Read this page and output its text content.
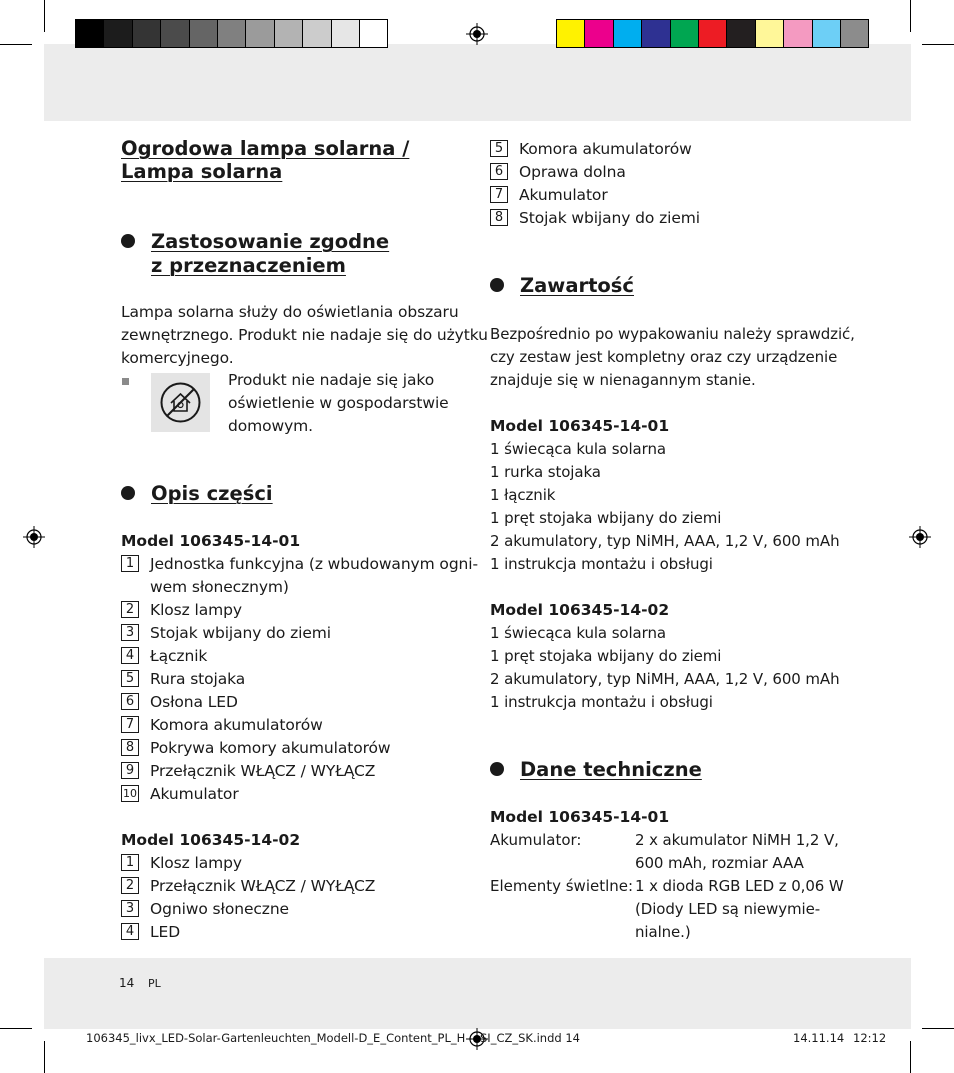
Ogrodowa lampa solarna /
Lampa solarna
Zastosowanie zgodne
z przeznaczeniem
Lampa solarna służy do oświetlania obszaru
zewnętrznego. Produkt nie nadaje się do użytku
komercyjnego.
Produkt nie nadaje się jako
oświetlenie w gospodarstwie
domowym.
Opis części
Model 106345-14-01
1	Jednostka funkcyjna (z wbudowanym ogni-
wem słonecznym)
2	Klosz lampy
3	Stojak wbijany do ziemi
4	Łącznik
5	Rura stojaka
6	Osłona LED
7	Komora akumulatorów
8	Pokrywa komory akumulatorów
9	Przełącznik WŁĄCZ / WYŁĄCZ
10 Akumulator
Model 106345-14-02
1	Klosz lampy
2	Przełącznik WŁĄCZ / WYŁĄCZ
3	Ogniwo słoneczne
4	LED
5	Komora akumulatorów
6	Oprawa dolna
7	Akumulator
8	Stojak wbijany do ziemi
Zawartość
Bezpośrednio po wypakowaniu należy sprawdzić,
czy zestaw jest kompletny oraz czy urządzenie
znajduje się w nienagannym stanie.
Model 106345-14-01
1 świecąca kula solarna
1 rurka stojaka
1 łącznik
1 pręt stojaka wbijany do ziemi
2 akumulatory, typ NiMH, AAA, 1,2 V, 600 mAh
1 instrukcja montażu i obsługi
Model 106345-14-02
1 świecąca kula solarna
1 pręt stojaka wbijany do ziemi
2 akumulatory, typ NiMH, AAA, 1,2 V, 600 mAh
1 instrukcja montażu i obsługi
Dane techniczne
Model 106345-14-01
Akumulator:	2 x akumulator NiMH 1,2 V,
600 mAh, rozmiar AAA
Elementy świetlne: 1 x dioda RGB LED z 0,06 W
(Diody LED są niewymie-
nialne.)
14 PL
106345_livx_LED-Solar-Gartenleuchten_Modell-D_E_Content_PL_H SI_CZ_SK.indd 14	14.11.14 12:12
